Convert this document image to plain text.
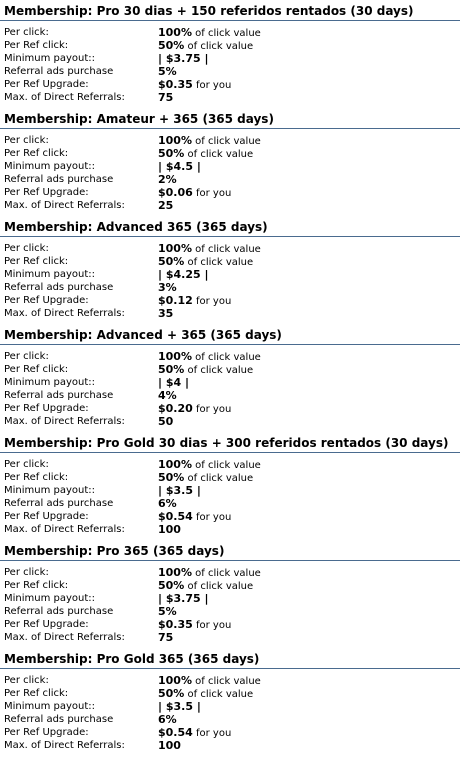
Membership: Pro 30 dias + 150 referidos rentados (30 days)
Per click:	100% of click value
Per Ref click:	50% of click value
Minimum payout::	| $3.75 |
Referral ads purchase	5%
Per Ref Upgrade:	$0.35 for you
Max. of Direct Referrals:	75
Membership: Amateur + 365 (365 days)
Per click:	100% of click value
Per Ref click:	50% of click value
Minimum payout::	| $4.5 |
Referral ads purchase	2%
Per Ref Upgrade:	$0.06 for you
Max. of Direct Referrals:	25
Membership: Advanced 365 (365 days)
Per click:	100% of click value
Per Ref click:	50% of click value
Minimum payout::	| $4.25 |
Referral ads purchase	3%
Per Ref Upgrade:	$0.12 for you
Max. of Direct Referrals:	35
Membership: Advanced + 365 (365 days)
Per click:	100% of click value
Per Ref click:	50% of click value
Minimum payout::	| $4 |
Referral ads purchase	4%
Per Ref Upgrade:	$0.20 for you
Max. of Direct Referrals:	50
Membership: Pro Gold 30 dias + 300 referidos rentados (30 days)
Per click:	100% of click value
Per Ref click:	50% of click value
Minimum payout::	| $3.5 |
Referral ads purchase	6%
Per Ref Upgrade:	$0.54 for you
Max. of Direct Referrals:	100
Membership: Pro 365 (365 days)
Per click:	100% of click value
Per Ref click:	50% of click value
Minimum payout::	| $3.75 |
Referral ads purchase	5%
Per Ref Upgrade:	$0.35 for you
Max. of Direct Referrals:	75
Membership: Pro Gold 365 (365 days)
Per click:	100% of click value
Per Ref click:	50% of click value
Minimum payout::	| $3.5 |
Referral ads purchase	6%
Per Ref Upgrade:	$0.54 for you
Max. of Direct Referrals:	100
